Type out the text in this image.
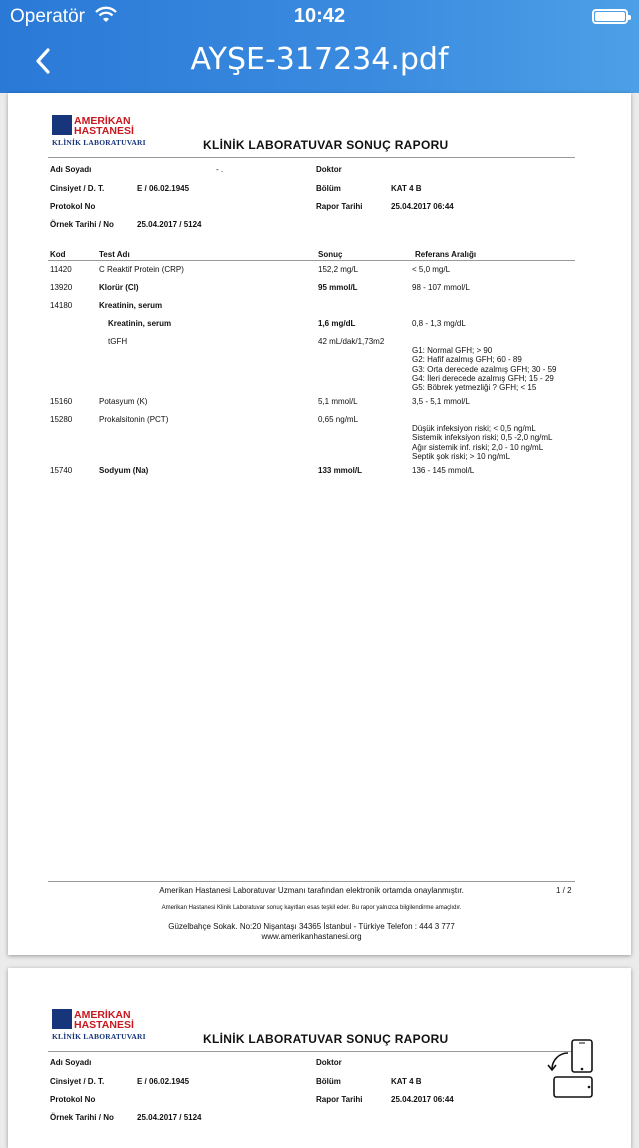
Operatör	10:42
AYŞE-317234.pdf
AMERİKAN
HASTANESİ
KLİNİK LABORATUVARI	KLİNİK LABORATUVAR SONUÇ RAPORU
Adı Soyadı	- .	Doktor
Cinsiyet / D. T.	E / 06.02.1945	Bölüm	KAT 4 B
Protokol No	Rapor Tarihi	25.04.2017 06:44
Örnek Tarihi / No	25.04.2017 / 5124
Kod	Test Adı	Sonuç	Referans Aralığı
11420	C Reaktif Protein (CRP)	152,2 mg/L	< 5,0 mg/L
13920	Klorür (Cl)	95 mmol/L	98 - 107 mmol/L
14180	Kreatinin, serum
Kreatinin, serum	1,6 mg/dL	0,8 - 1,3 mg/dL
tGFH	42 mL/dak/1,73m2
G1: Normal GFH; > 90
G2: Hafif azalmış GFH; 60 - 89
G3: Orta derecede azalmış GFH; 30 - 59
G4: İleri derecede azalmış GFH; 15 - 29
G5: Böbrek yetmezliği ? GFH; < 15
15160	Potasyum (K)	5,1 mmol/L	3,5 - 5,1 mmol/L
15280	Prokalsitonin (PCT)	0,65 ng/mL
Düşük infeksiyon riski; < 0,5 ng/mL
Sistemik infeksiyon riski; 0,5 -2,0 ng/mL
Ağır sistemik inf. riski; 2,0 - 10 ng/mL
Septik şok riski; > 10 ng/mL
15740	Sodyum (Na)	133 mmol/L	136 - 145 mmol/L
Amerikan Hastanesi Laboratuvar Uzmanı tarafından elektronik ortamda onaylanmıştır.	1 / 2
Amerikan Hastanesi Klinik Laboratuvar sonuç kayıtları esas teşkil eder. Bu rapor yalnızca bilgilendirme amaçlıdır.
Güzelbahçe Sokak. No:20 Nişantaşı 34365 İstanbul - Türkiye Telefon : 444 3 777
www.amerikanhastanesi.org
AMERİKAN
HASTANESİ
KLİNİK LABORATUVARI	KLİNİK LABORATUVAR SONUÇ RAPORU
Adı Soyadı	Doktor
Cinsiyet / D. T.	E / 06.02.1945	Bölüm	KAT 4 B
Protokol No	Rapor Tarihi	25.04.2017 06:44
Örnek Tarihi / No	25.04.2017 / 5124
